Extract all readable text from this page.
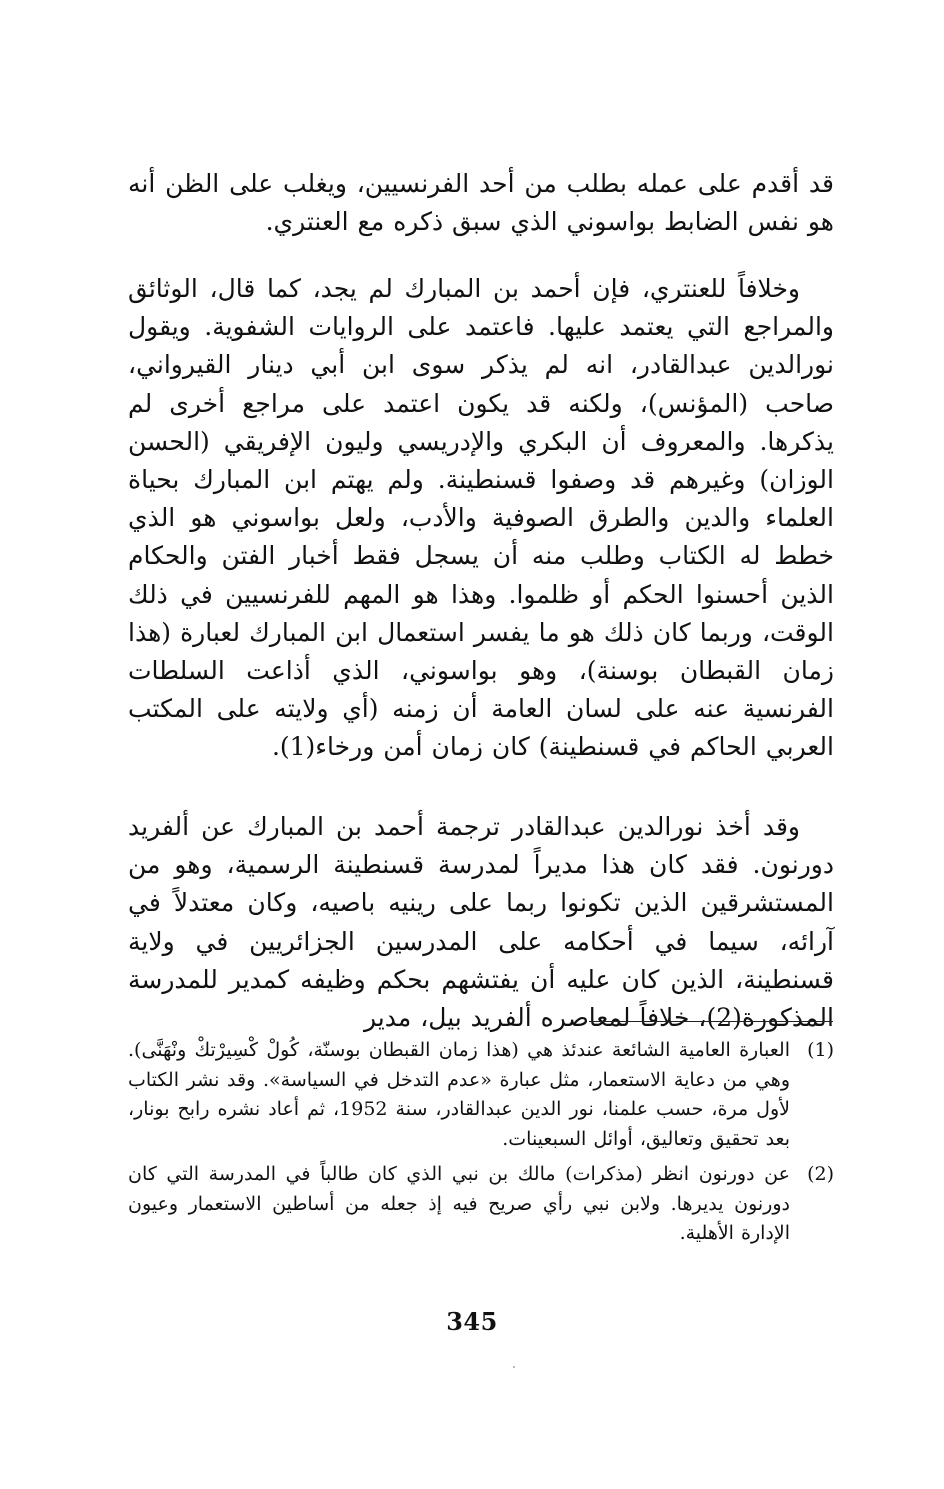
قد أقدم على عمله بطلب من أحد الفرنسيين، ويغلب على الظن أنه هو نفس الضابط بواسوني الذي سبق ذكره مع العنتري.

وخلافاً للعنتري، فإن أحمد بن المبارك لم يجد، كما قال، الوثائق والمراجع التي يعتمد عليها. فاعتمد على الروايات الشفوية. ويقول نورالدين عبدالقادر، انه لم يذكر سوى ابن أبي دينار القيرواني، صاحب (المؤنس)، ولكنه قد يكون اعتمد على مراجع أخرى لم يذكرها. والمعروف أن البكري والإدريسي وليون الإفريقي (الحسن الوزان) وغيرهم قد وصفوا قسنطينة. ولم يهتم ابن المبارك بحياة العلماء والدين والطرق الصوفية والأدب، ولعل بواسوني هو الذي خطط له الكتاب وطلب منه أن يسجل فقط أخبار الفتن والحكام الذين أحسنوا الحكم أو ظلموا. وهذا هو المهم للفرنسيين في ذلك الوقت، وربما كان ذلك هو ما يفسر استعمال ابن المبارك لعبارة (هذا زمان القبطان بوسنة)، وهو بواسوني، الذي أذاعت السلطات الفرنسية عنه على لسان العامة أن زمنه (أي ولايته على المكتب العربي الحاكم في قسنطينة) كان زمان أمن ورخاء(1).

وقد أخذ نورالدين عبدالقادر ترجمة أحمد بن المبارك عن ألفريد دورنون. فقد كان هذا مديراً لمدرسة قسنطينة الرسمية، وهو من المستشرقين الذين تكونوا ربما على رينيه باصيه، وكان معتدلاً في آرائه، سيما في أحكامه على المدرسين الجزائريين في ولاية قسنطينة، الذين كان عليه أن يفتشهم بحكم وظيفه كمدير للمدرسة المذكورة(2)، خلافاً لمعاصره ألفريد بيل، مدير

(1)
العبارة العامية الشائعة عندئذ هي (هذا زمان القبطان بوسنّة، كُولْ كْسِيرْتكْ ونْهَنَّى). وهي من دعاية الاستعمار، مثل عبارة «عدم التدخل في السياسة». وقد نشر الكتاب لأول مرة، حسب علمنا، نور الدين عبدالقادر، سنة 1952، ثم أعاد نشره رابح بونار، بعد تحقيق وتعاليق، أوائل السبعينات.
(2)
عن دورنون انظر (مذكرات) مالك بن نبي الذي كان طالباً في المدرسة التي كان دورنون يديرها. ولابن نبي رأي صريح فيه إذ جعله من أساطين الاستعمار وعيون الإدارة الأهلية.
345
